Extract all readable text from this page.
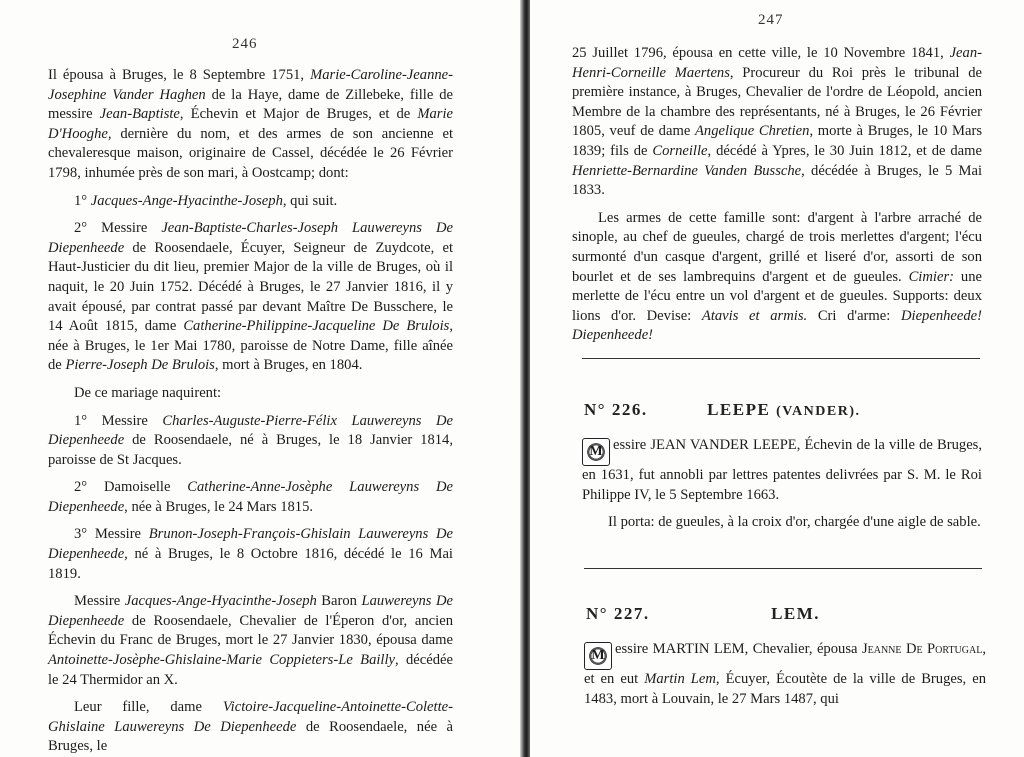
246

Il épousa à Bruges, le 8 Septembre 1751, Marie-Caroline-Jeanne-Josephine Vander Haghen de la Haye, dame de Zillebeke, fille de messire Jean-Baptiste, Échevin et Major de Bruges, et de Marie D'Hooghe, dernière du nom, et des armes de son ancienne et chevaleresque maison, originaire de Cassel, décédée le 26 Février 1798, inhumée près de son mari, à Oostcamp; dont:

1° Jacques-Ange-Hyacinthe-Joseph, qui suit.

2° Messire Jean-Baptiste-Charles-Joseph Lauwereyns De Diepenheede de Roosendaele, Écuyer, Seigneur de Zuydcote, et Haut-Justicier du dit lieu, premier Major de la ville de Bruges, où il naquit, le 20 Juin 1752. Décédé à Bruges, le 27 Janvier 1816, il y avait épousé, par contrat passé par devant Maître De Busschere, le 14 Août 1815, dame Catherine-Philippine-Jacqueline De Brulois, née à Bruges, le 1er Mai 1780, paroisse de Notre Dame, fille aînée de Pierre-Joseph De Brulois, mort à Bruges, en 1804.

De ce mariage naquirent:

1° Messire Charles-Auguste-Pierre-Félix Lauwereyns De Diepenheede de Roosendaele, né à Bruges, le 18 Janvier 1814, paroisse de St Jacques.

2° Damoiselle Catherine-Anne-Josèphe Lauwereyns De Diepenheede, née à Bruges, le 24 Mars 1815.

3° Messire Brunon-Joseph-François-Ghislain Lauwereyns De Diepenheede, né à Bruges, le 8 Octobre 1816, décédé le 16 Mai 1819.

Messire Jacques-Ange-Hyacinthe-Joseph Baron Lauwereyns De Diepenheede de Roosendaele, Chevalier de l'Éperon d'or, ancien Échevin du Franc de Bruges, mort le 27 Janvier 1830, épousa dame Antoinette-Josèphe-Ghislaine-Marie Coppieters-Le Bailly, décédée le 24 Thermidor an X.

Leur fille, dame Victoire-Jacqueline-Antoinette-Colette-Ghislaine Lauwereyns De Diepenheede de Roosendaele, née à Bruges, le

247

25 Juillet 1796, épousa en cette ville, le 10 Novembre 1841, Jean-Henri-Corneille Maertens, Procureur du Roi près le tribunal de première instance, à Bruges, Chevalier de l'ordre de Léopold, ancien Membre de la chambre des représentants, né à Bruges, le 26 Février 1805, veuf de dame Angelique Chretien, morte à Bruges, le 10 Mars 1839; fils de Corneille, décédé à Ypres, le 30 Juin 1812, et de dame Henriette-Bernardine Vanden Bussche, décédée à Bruges, le 5 Mai 1833.

Les armes de cette famille sont: d'argent à l'arbre arraché de sinople, au chef de gueules, chargé de trois merlettes d'argent; l'écu surmonté d'un casque d'argent, grillé et liseré d'or, assorti de son bourlet et de ses lambrequins d'argent et de gueules. Cimier: une merlette de l'écu entre un vol d'argent et de gueules. Supports: deux lions d'or. Devise: Atavis et armis. Cri d'arme: Diepenheede! Diepenheede!

N° 226.	LEEPE (VANDER).

M essire JEAN VANDER LEEPE, Échevin de la ville de Bruges, en 1631, fut annobli par lettres patentes delivrées par S. M. le Roi Philippe IV, le 5 Septembre 1663.

Il porta: de gueules, à la croix d'or, chargée d'une aigle de sable.

N° 227.	LEM.

M essire MARTIN LEM, Chevalier, épousa Jeanne De Portugal, et en eut Martin Lem, Écuyer, Écoutète de la ville de Bruges, en 1483, mort à Louvain, le 27 Mars 1487, qui
